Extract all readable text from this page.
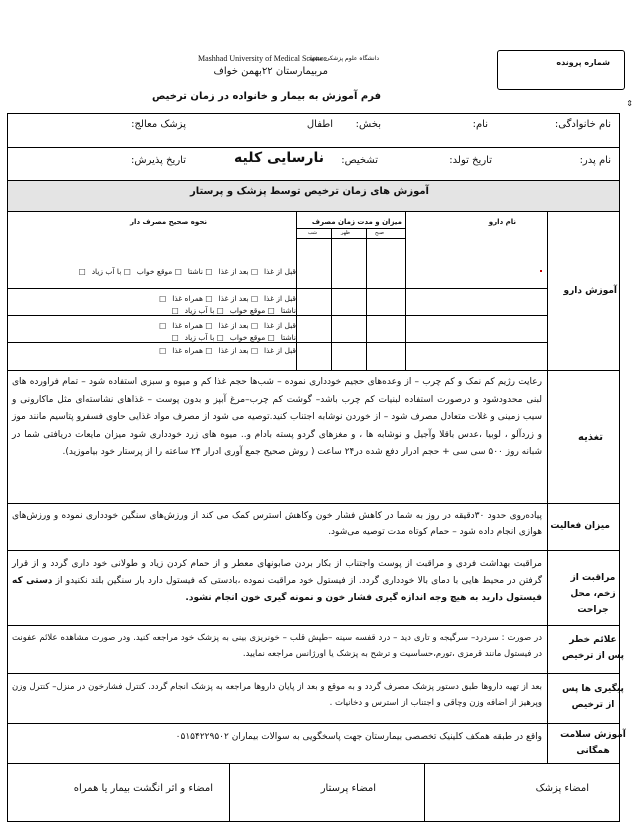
دانشگاه علوم پزشکی مشهد
Mashhad University of Medical Science
مربیمارستان ۲۲بهمن خواف
فرم آموزش به بیمار و خانواده در زمان ترخیص
شماره پرونده
⇕
نام خانوادگی:
نام:
بخش:
اطفال
پزشک معالج:
نام پدر:
تاریخ تولد:
تشخیص:
نارسایی کلیه
تاریخ پذیرش:
آموزش های زمان ترخیص توسط پزشک و پرستار
آموزش دارو
نام دارو
میزان و مدت زمان مصرف
نحوه صحیح مصرف دار
صبح
ظهر
شب
قبل از غذا□ بعد از غذا□ ناشتا□ موقع خواب□ با آب زیاد□
قبل از غذا□ بعد از غذا□ همراه غذا□
ناشتا□ موقع خواب□ با آب زیاد□
قبل از غذا□ بعد از غذا□ همراه غذا□
ناشتا□ موقع خواب□ با آب زیاد□
قبل از غذا□ بعد از غذا□ همراه غذا□
تغذیه
رعایت رژیم کم نمک و کم چرب – از وعده‌های حجیم خودداری نموده – شب‌ها حجم غذا کم و میوه و سبزی استفاده شود – تمام فراورده های لبنی محدودشود و درصورت استفاده لبنیات کم چرب باشد– گوشت کم چرب–مرغ آبپز و بدون پوست – غذاهای نشاسته‌ای مثل ماکارونی و سیب زمینی و غلات متعادل مصرف شود – از خوردن نوشابه اجتناب کنید.توصیه می شود از مصرف مواد غذایی حاوی فسفرو پتاسیم مانند موز و زردآلو ، لوبیا ،عدس باقلا وآجیل و نوشابه ها ، و مغزهای گردو پسته بادام و.. میوه های زرد خودداری شود میزان مایعات دریافتی شما در شبانه روز ۵۰۰ سی سی + حجم ادرار دفع شده در۲۴ ساعت ( روش صحیح جمع آوری ادرار ۲۴ ساعته را از پرستار خود بیاموزید).
میزان فعالیت
پیاده‌روی حدود ۳۰دقیقه در روز به شما در کاهش فشار خون وکاهش استرس کمک می کند از ورزش‌های سنگین خودداری نموده و ورزش‌های هوازی انجام داده شود – حمام کوتاه مدت توصیه می‌شود.
مراقبت از زخم، محل جراحت
مراقبت بهداشت فردی و مراقبت از پوست واجتناب از بکار بردن صابونهای معطر و از حمام کردن زیاد و طولانی خود داری گردد و از قرار گرفتن در محیط هایی با دمای بالا خودداری گردد. از فیستول خود مراقبت نموده ،بادستی که فیستول دارد بار سنگین بلند نکنیدو از دستی که فیستول دارید به هیچ وجه اندازه گیری فشار خون و نمونه گیری خون انجام نشود.
علائم خطر پس از ترخیص
در صورت : سردرد– سرگیجه و تاری دید – درد قفسه سینه –طپش قلب – خونریزی بینی به پزشک خود مراجعه کنید. ودر صورت مشاهده علائم عفونت در فیستول مانند قرمزی ،تورم،حساسیت و ترشح به پزشک یا اورژانس مراجعه نمایید.
پیگیری ها پس از ترخیص
بعد از تهیه داروها طبق دستور پزشک مصرف گردد و به موقع و بعد از پایان داروها مراجعه به پزشک انجام گردد. کنترل فشارخون در منزل– کنترل وزن وپرهیز از اضافه وزن وچاقی و اجتناب از استرس و دخانیات .
آموزش سلامت همگانی
واقع در طبقه همکف کلینیک تخصصی بیمارستان جهت پاسخگویی به سوالات بیماران ۰۵۱۵۴۲۲۹۵۰۲
امضاء پزشک
امضاء پرستار
امضاء و اثر انگشت بیمار یا همراه
